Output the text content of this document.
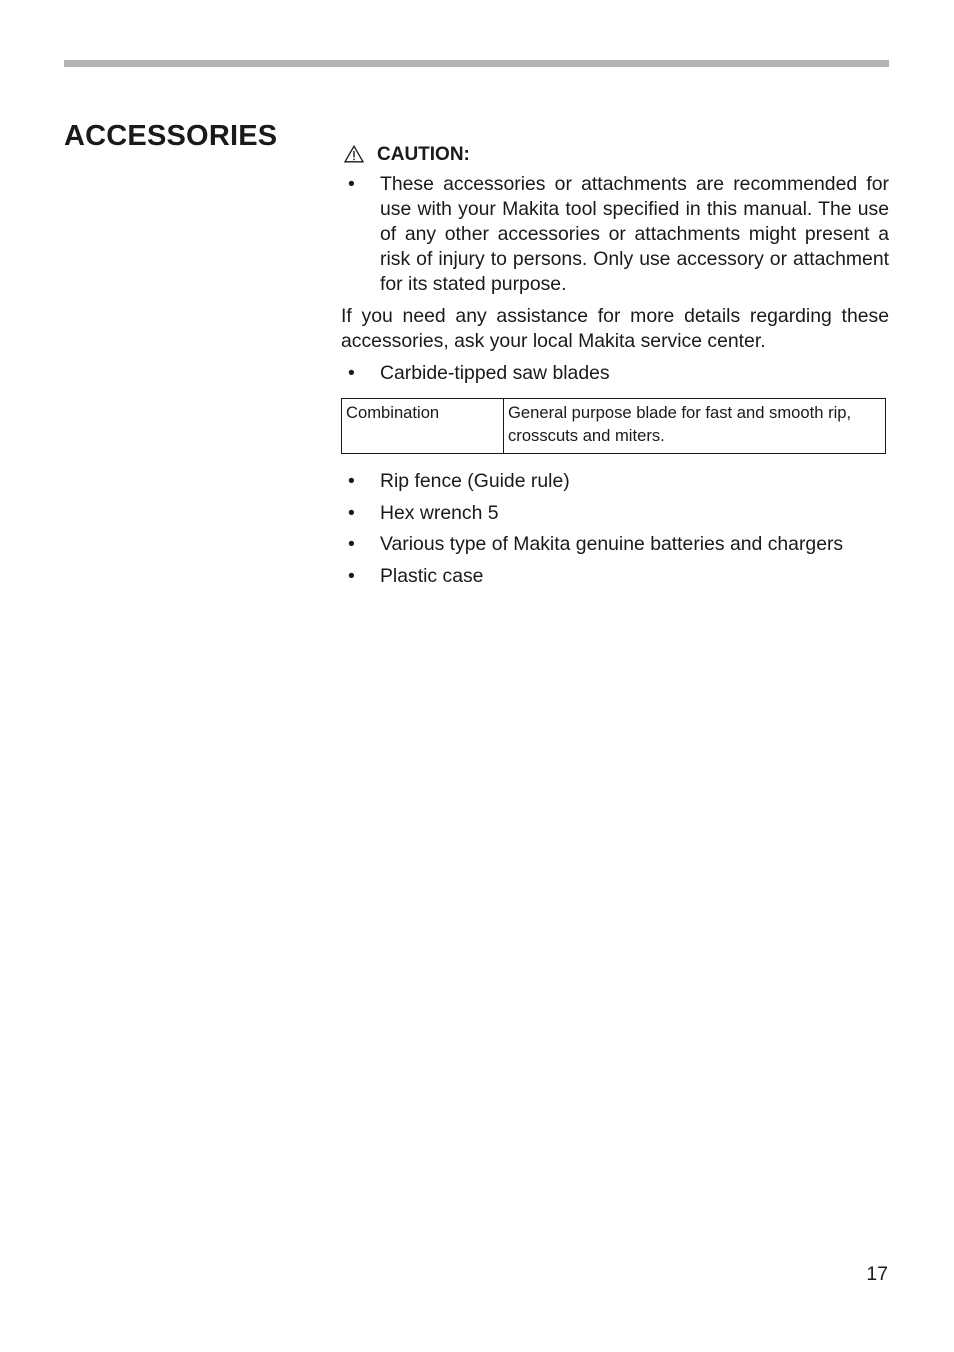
ACCESSORIES
CAUTION:
• These accessories or attachments are recommended for use with your Makita tool specified in this manual. The use of any other accessories or attachments might present a risk of injury to persons. Only use accessory or attachment for its stated purpose.

If you need any assistance for more details regarding these accessories, ask your local Makita service center.

• Carbide-tipped saw blades
Combination	General purpose blade for fast and smooth rip, crosscuts and miters.
• Rip fence (Guide rule)
• Hex wrench 5
• Various type of Makita genuine batteries and chargers
• Plastic case
17
